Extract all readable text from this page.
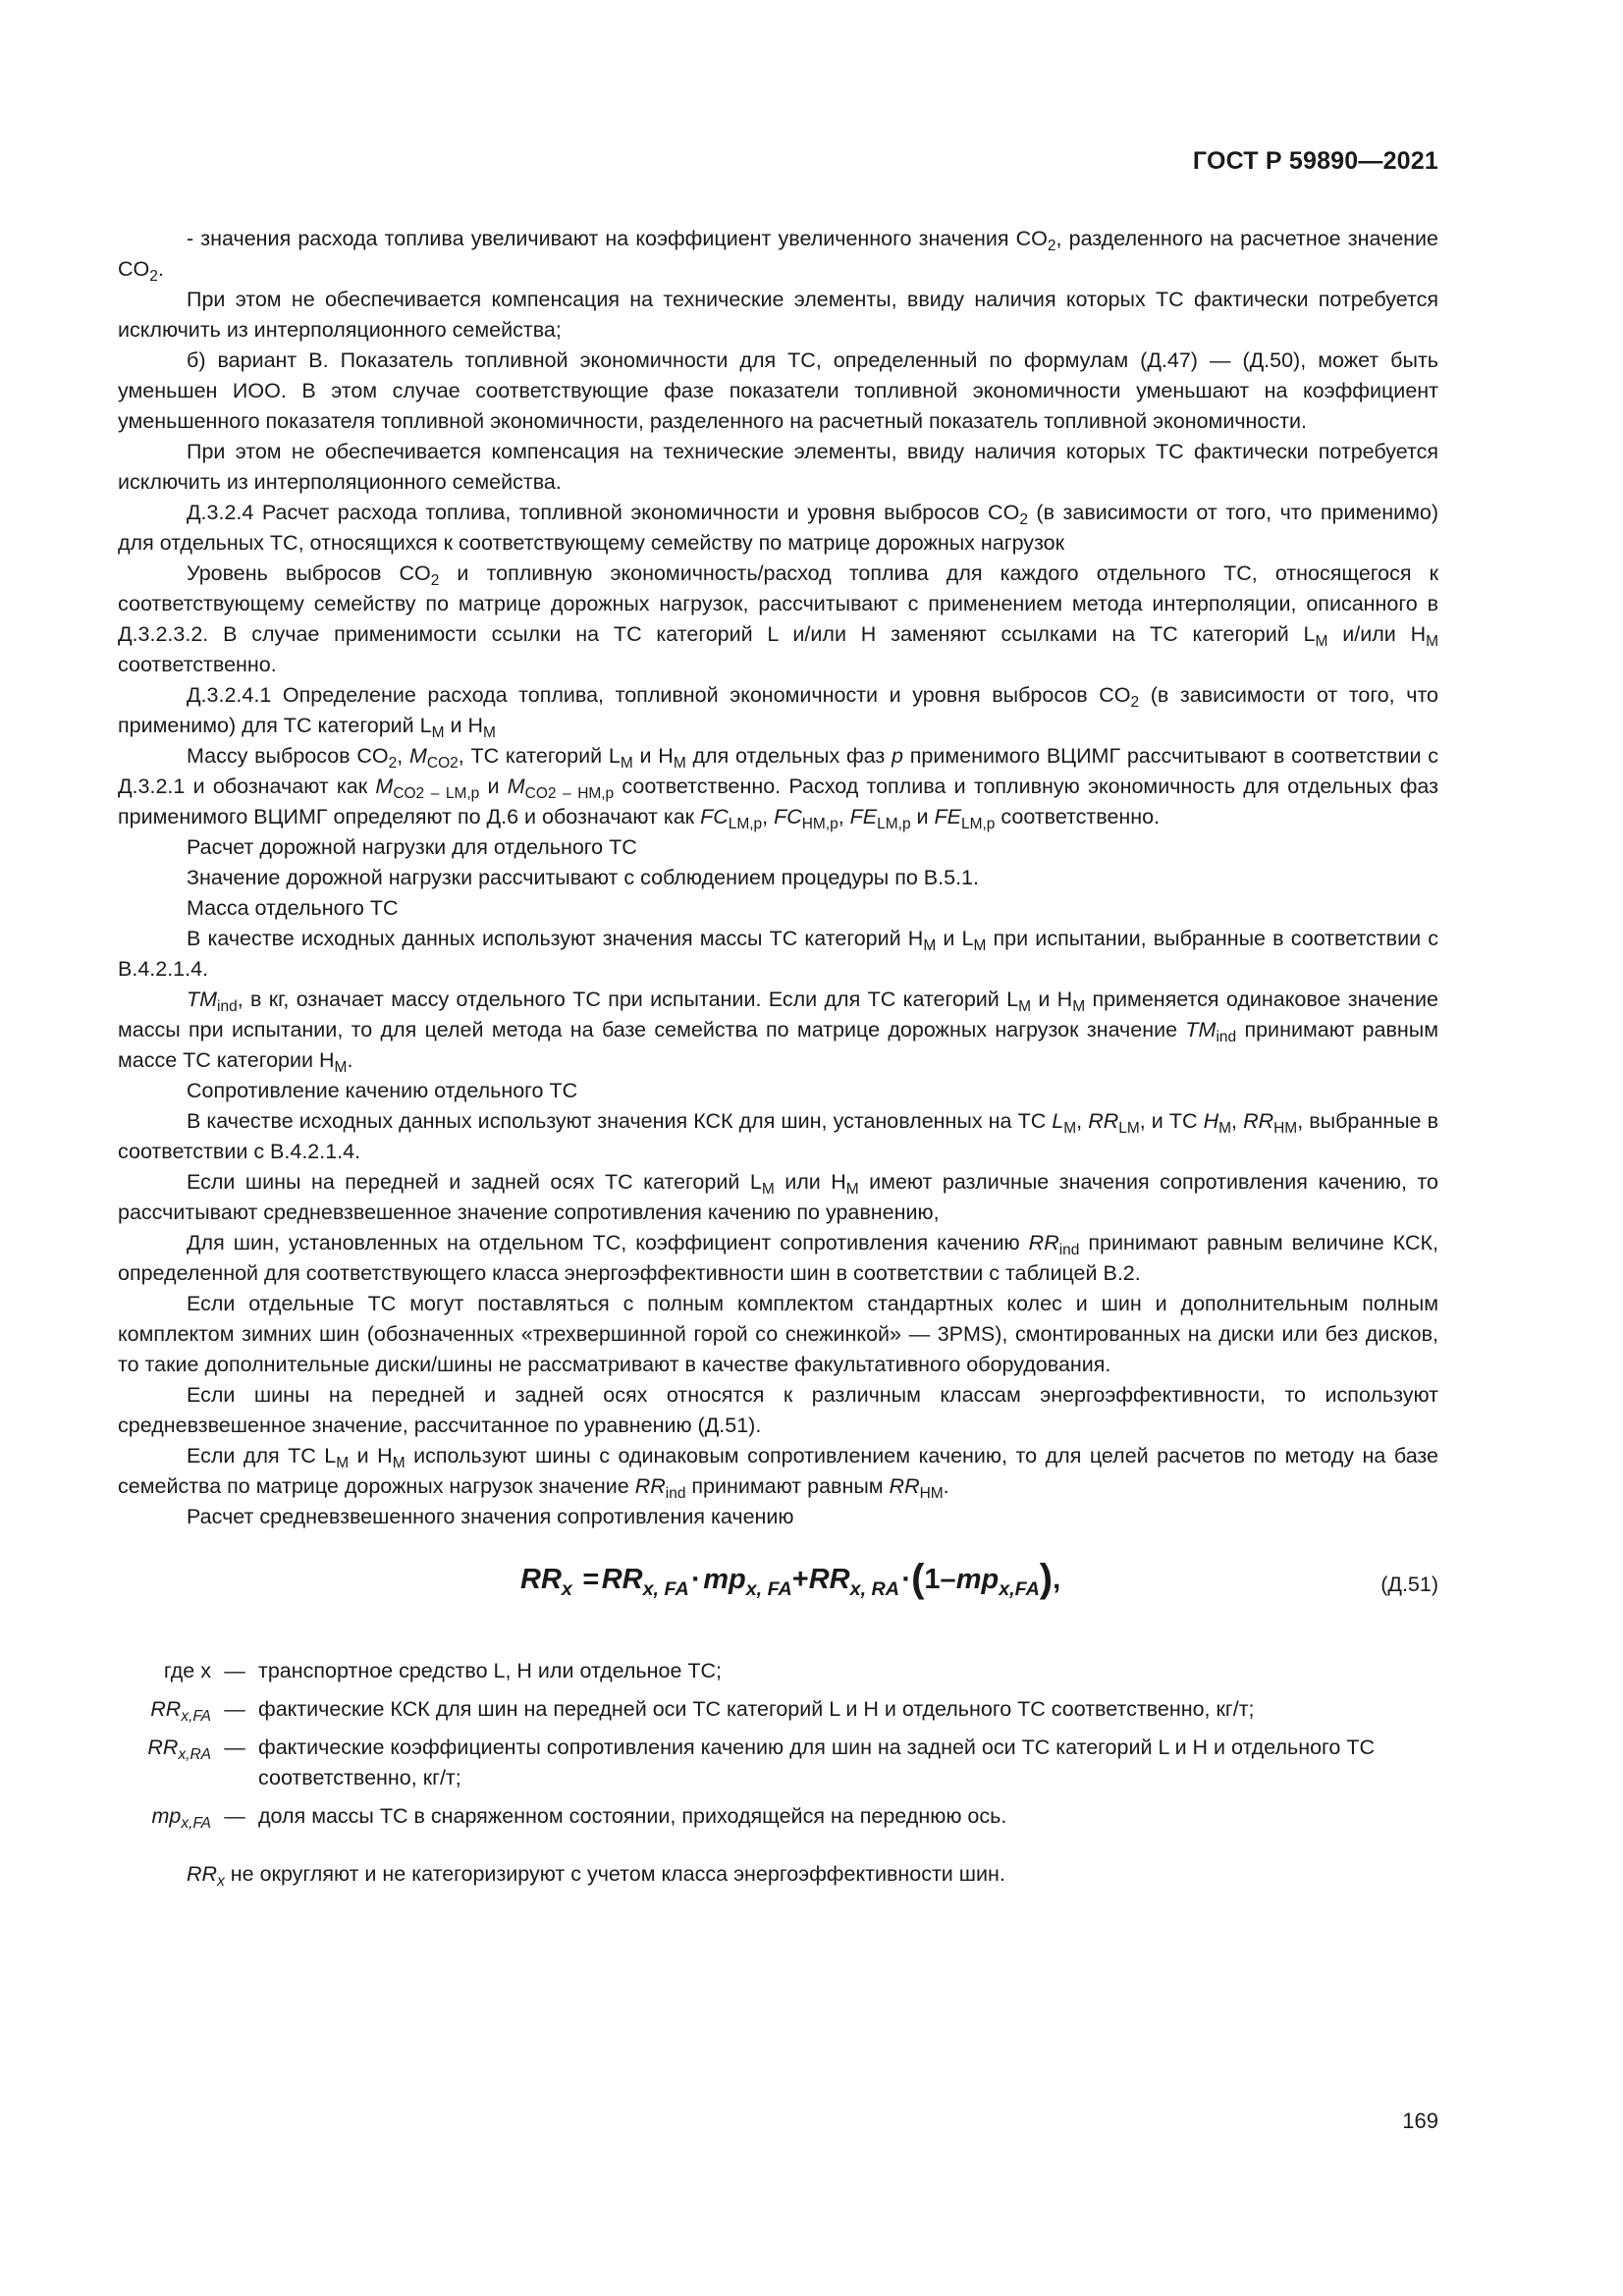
ГОСТ Р 59890—2021

- значения расхода топлива увеличивают на коэффициент увеличенного значения $CO_2$, разделенного на расчетное значение $CO_2$.

При этом не обеспечивается компенсация на технические элементы, ввиду наличия которых ТС фактически потребуется исключить из интерполяционного семейства;

б) вариант В. Показатель топливной экономичности для ТС, определенный по формулам (Д.47) — (Д.50), может быть уменьшен ИОО. В этом случае соответствующие фазе показатели топливной экономичности уменьшают на коэффициент уменьшенного показателя топливной экономичности, разделенного на расчетный показатель топливной экономичности.

При этом не обеспечивается компенсация на технические элементы, ввиду наличия которых ТС фактически потребуется исключить из интерполяционного семейства.

Д.3.2.4 Расчет расхода топлива, топливной экономичности и уровня выбросов $CO_2$ (в зависимости от того, что применимо) для отдельных ТС, относящихся к соответствующему семейству по матрице дорожных нагрузок

Уровень выбросов $CO_2$ и топливную экономичность/расход топлива для каждого отдельного ТС, относящегося к соответствующему семейству по матрице дорожных нагрузок, рассчитывают с применением метода интерполяции, описанного в Д.3.2.3.2. В случае применимости ссылки на ТС категорий L и/или Н заменяют ссылками на ТС категорий $L_M$ и/или $Н_M$ соответственно.

Д.3.2.4.1 Определение расхода топлива, топливной экономичности и уровня выбросов $CO_2$ (в зависимости от того, что применимо) для ТС категорий $L_M$ и $Н_M$

Массу выбросов $CO_2$, $M_{CO2}$, ТС категорий $L_M$ и $Н_M$ для отдельных фаз p применимого ВЦИМГ рассчитывают в соответствии с Д.3.2.1 и обозначают как $M_{CO2 - LM,p}$ и $M_{CO2 - НМ,p}$ соответственно. Расход топлива и топливную экономичность для отдельных фаз применимого ВЦИМГ определяют по Д.6 и обозначают как $FC_{LM,p}$, $FC_{НМ,p}$, $FE_{LM,p}$ и $FE_{LM,p}$ соответственно.

Расчет дорожной нагрузки для отдельного ТС

Значение дорожной нагрузки рассчитывают с соблюдением процедуры по В.5.1.

Масса отдельного ТС

В качестве исходных данных используют значения массы ТС категорий $Н_M$ и $L_M$ при испытании, выбранные в соответствии с В.4.2.1.4.

$TM_{ind}$, в кг, означает массу отдельного ТС при испытании. Если для ТС категорий $L_M$ и $Н_M$ применяется одинаковое значение массы при испытании, то для целей метода на базе семейства по матрице дорожных нагрузок значение $TM_{ind}$ принимают равным массе ТС категории $Н_M$.

Сопротивление качению отдельного ТС

В качестве исходных данных используют значения КСК для шин, установленных на ТС $L_M$, $RR_{LM}$, и ТС $H_M$, $RR_{НМ}$, выбранные в соответствии с В.4.2.1.4.

Если шины на передней и задней осях ТС категорий $L_M$ или $Н_M$ имеют различные значения сопротивления качению, то рассчитывают средневзвешенное значение сопротивления качению по уравнению,

Для шин, установленных на отдельном ТС, коэффициент сопротивления качению $RR_{ind}$ принимают равным величине КСК, определенной для соответствующего класса энергоэффективности шин в соответствии с таблицей В.2.

Если отдельные ТС могут поставляться с полным комплектом стандартных колес и шин и дополнительным полным комплектом зимних шин (обозначенных «трехвершинной горой со снежинкой» — 3PMS), смонтированных на диски или без дисков, то такие дополнительные диски/шины не рассматривают в качестве факультативного оборудования.

Если шины на передней и задней осях относятся к различным классам энергоэффективности, то используют средневзвешенное значение, рассчитанное по уравнению (Д.51).

Если для ТС $L_M$ и $Н_M$ используют шины с одинаковым сопротивлением качению, то для целей расчетов по методу на базе семейства по матрице дорожных нагрузок значение $RR_{ind}$ принимают равным $RR_{НМ}$.

Расчет средневзвешенного значения сопротивления качению

$RR_x$  = $RR_{x, FA}$ · $mp_{x, FA}+RR_{x, RA}$ $\cdot(1-mp_{x,FA})$,	(Д.51)
где x — транспортное средство L, Н или отдельное ТС;
$RR_{x,FA}$ — фактические КСК для шин на передней оси ТС категорий L и Н и отдельного ТС соответственно, кг/т;
$RR_{x,RA}$ — фактические коэффициенты сопротивления качению для шин на задней оси ТС категорий L и Н и отдельного ТС соответственно, кг/т;
$mp_{x,FA}$ — доля массы ТС в снаряженном состоянии, приходящейся на переднюю ось.

$RR_x$ не округляют и не категоризируют с учетом класса энергоэффективности шин.

169
